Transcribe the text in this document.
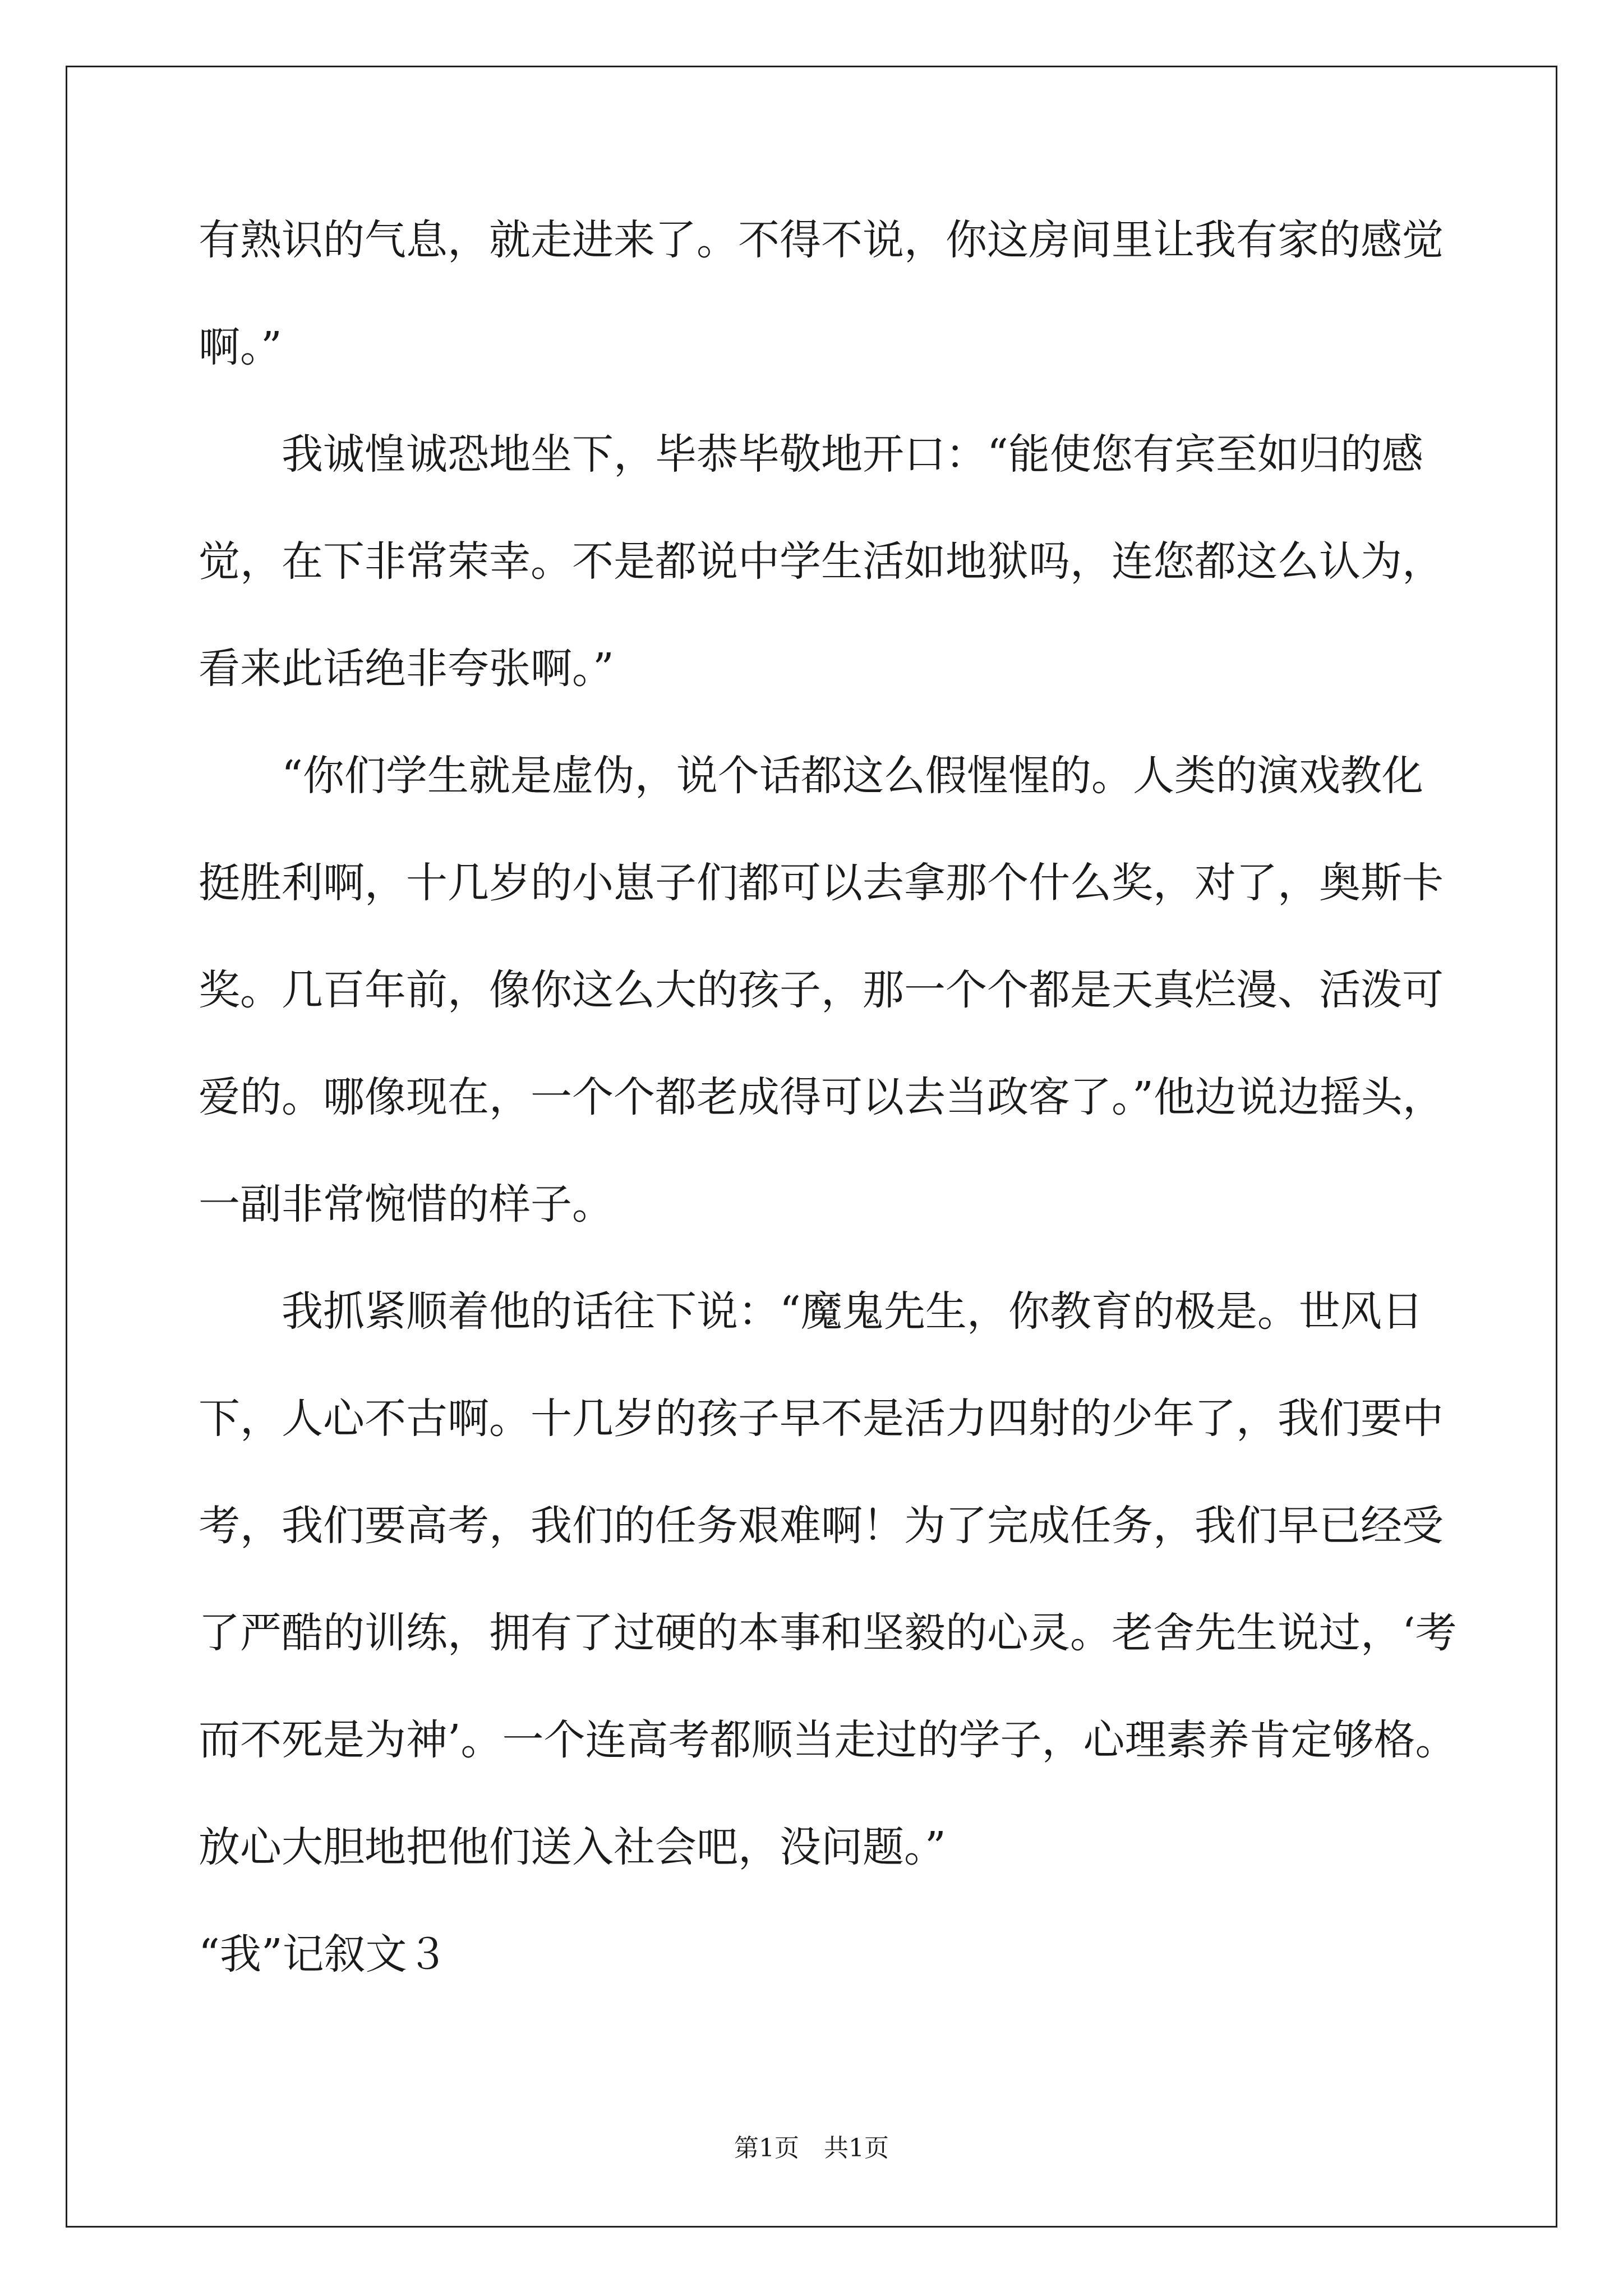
有熟识的气息，就走进来了。不得不说，你这房间里让我有家的感觉
啊。”
　　我诚惶诚恐地坐下，毕恭毕敬地开口：“能使您有宾至如归的感
觉，在下非常荣幸。不是都说中学生活如地狱吗，连您都这么认为，
看来此话绝非夸张啊。”
　　“你们学生就是虚伪，说个话都这么假惺惺的。人类的演戏教化
挺胜利啊，十几岁的小崽子们都可以去拿那个什么奖，对了，奥斯卡
奖。几百年前，像你这么大的孩子，那一个个都是天真烂漫、活泼可
爱的。哪像现在，一个个都老成得可以去当政客了。”他边说边摇头，
一副非常惋惜的样子。
　　我抓紧顺着他的话往下说：“魔鬼先生，你教育的极是。世风日
下，人心不古啊。十几岁的孩子早不是活力四射的少年了，我们要中
考，我们要高考，我们的任务艰难啊！为了完成任务，我们早已经受
了严酷的训练，拥有了过硬的本事和坚毅的心灵。老舍先生说过，‘考
而不死是为神’。一个连高考都顺当走过的学子，心理素养肯定够格。
放心大胆地把他们送入社会吧，没问题。”
“我”记叙文３
第1页　共1页
